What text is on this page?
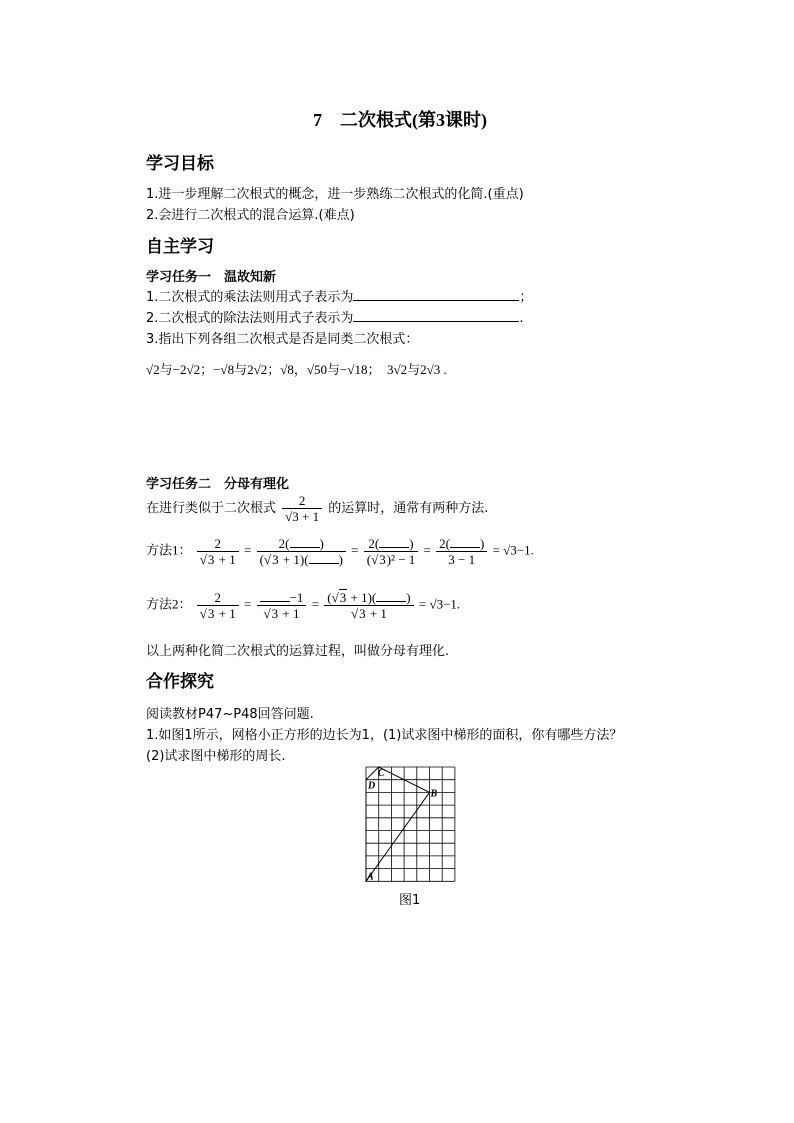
7　二次根式(第3课时)
学习目标
1.进一步理解二次根式的概念，进一步熟练二次根式的化简.(重点)
2.会进行二次根式的混合运算.(难点)
自主学习
学习任务一　温故知新
1.二次根式的乘法法则用式子表示为	；
2.二次根式的除法法则用式子表示为	.
3.指出下列各组二次根式是否是同类二次根式：
√2与−2√2；−√8与2√2；√8，√50与−√18；　3√2与2√3 .
学习任务二　分母有理化
在进行类似于二次根式 $\frac{2}{√3 + 1}$ 的运算时，通常有两种方法.
方法1： $\frac{2}{√3 + 1} = \frac{2( )}{(√3 + 1)( )} = \frac{2( )}{\text{(√3)² − 1}} = \frac{2( )}{3 - 1} = √3-1$.
方法2： $\frac{2}{√3 + 1} = \frac{-1}{√3 + 1} = \frac{(√3 + 1)( )}{√3 + 1} = √3-1$.
以上两种化简二次根式的运算过程，叫做分母有理化.
合作探究
阅读教材P47~P48回答问题.
1.如图1所示，网格小正方形的边长为1，(1)试求图中梯形的面积，你有哪些方法？
(2)试求图中梯形的周长.
A
B
C
D
图1
